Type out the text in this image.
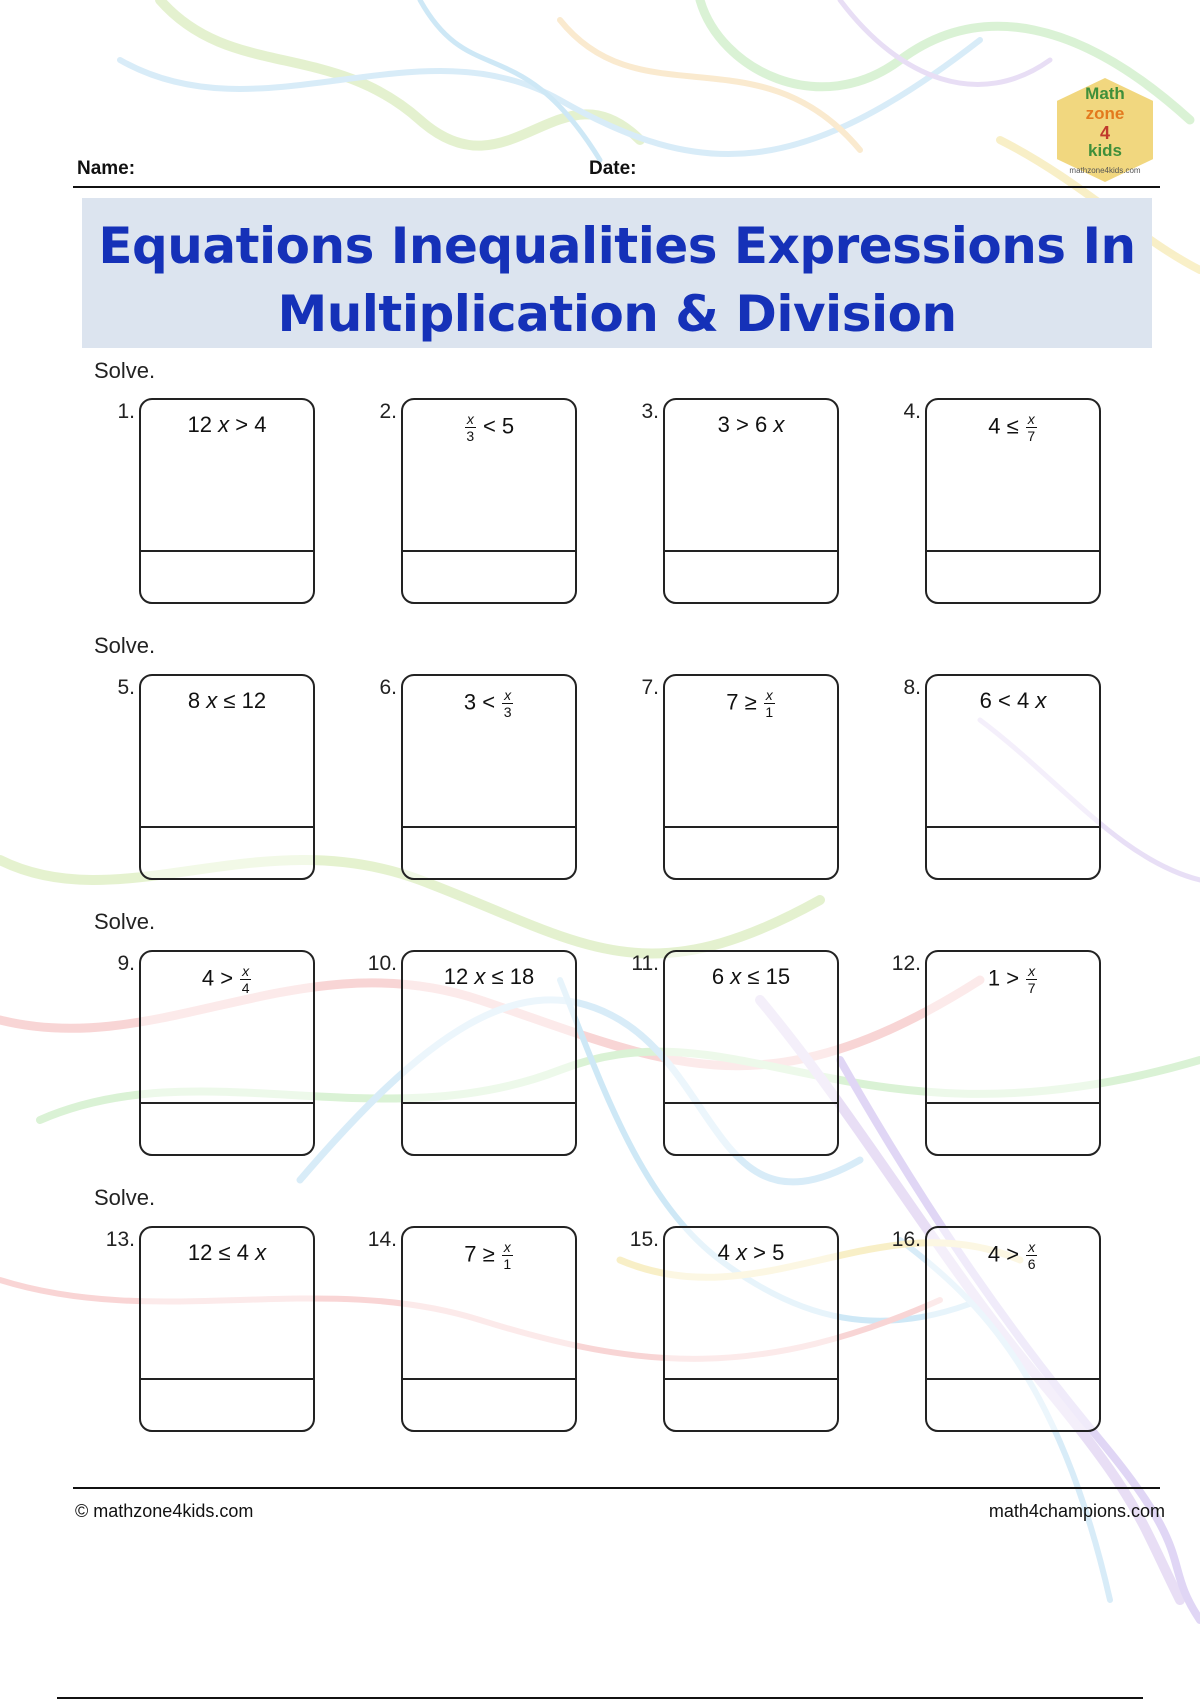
Name:	Date:
Math
zone
4
kids
mathzone4kids.com
Equations Inequalities Expressions In
Multiplication & Division
Solve.
Solve.
Solve.
Solve.
1.
12 x > 4
2.
$\frac{x}{3} < 5$
3.
3 > 6 x
4.
$4 \le \frac{x}{7}$
5.
8 x ≤ 12
6.
$3 < \frac{x}{3}$
7.
$7 \ge \frac{x}{1}$
8.
6 < 4 x
9.
$4 > \frac{x}{4}$
10.
12 x ≤ 18
11.
6 x ≤ 15
12.
$1 > \frac{x}{7}$
13.
12 ≤ 4 x
14.
$7 \ge \frac{x}{1}$
15.
4 x > 5
16.
$4 > \frac{x}{6}$
© mathzone4kids.com	math4champions.com
